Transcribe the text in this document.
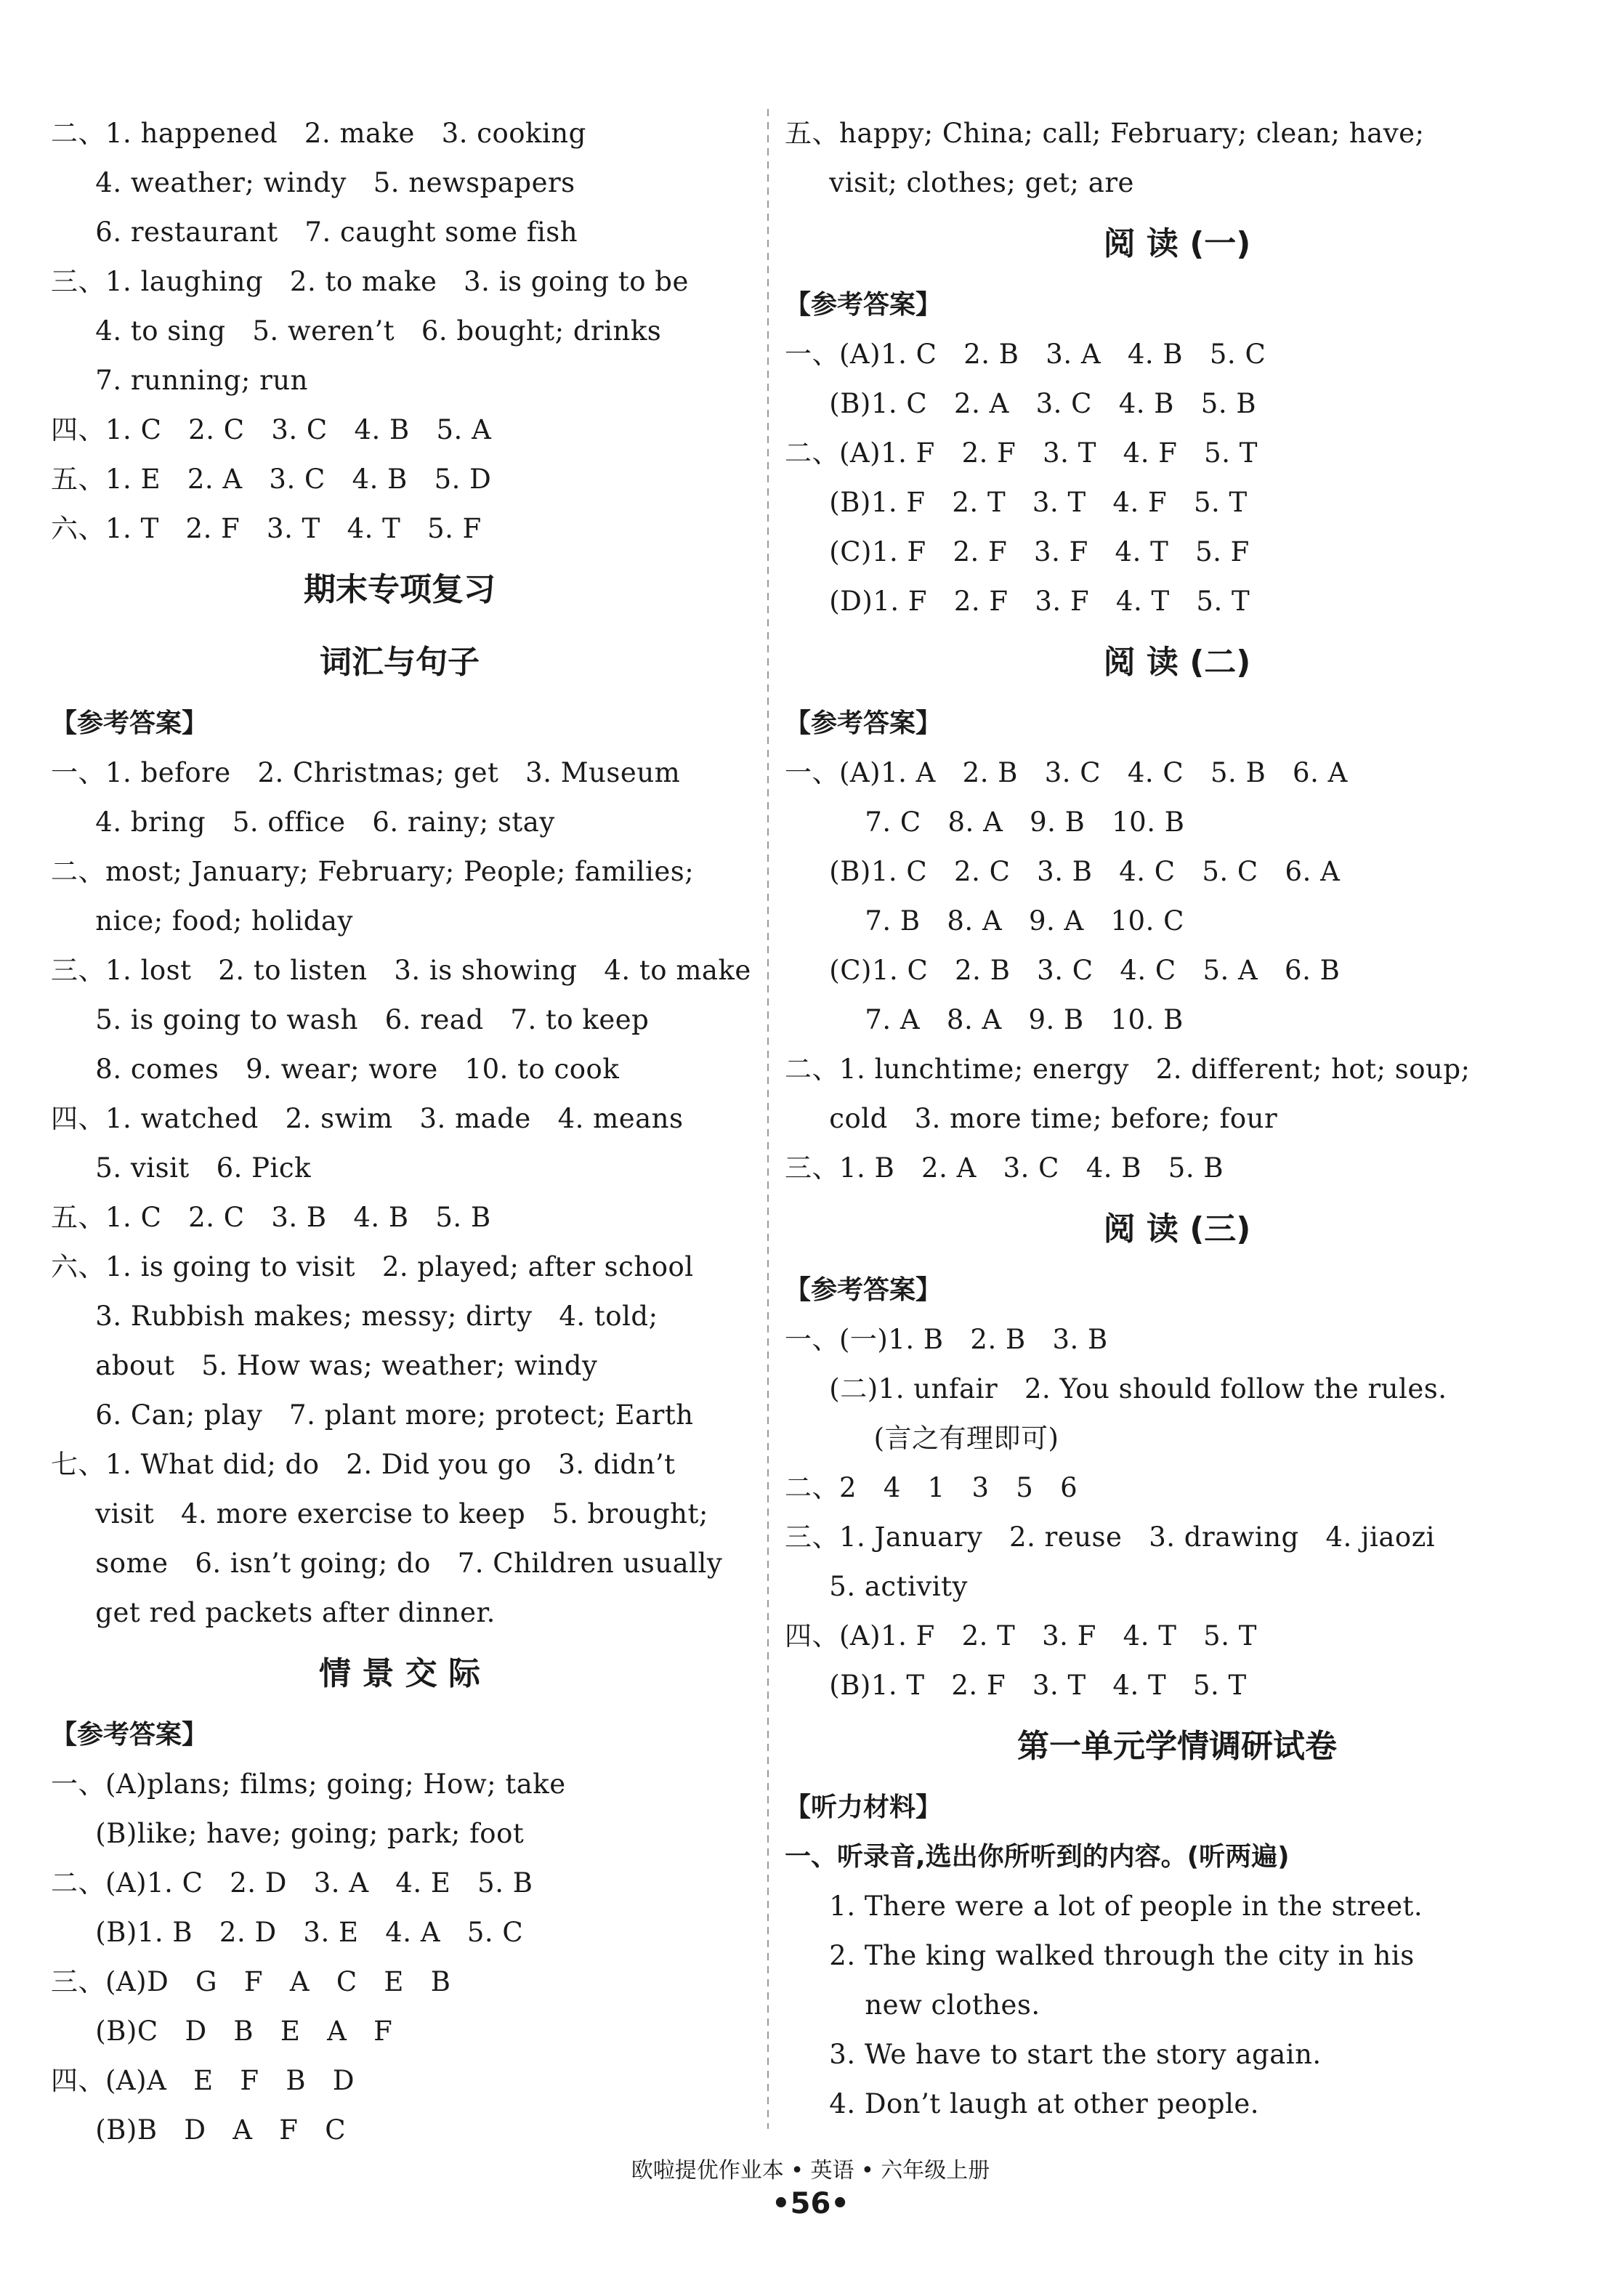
二、1. happened   2. make   3. cooking
4. weather; windy   5. newspapers
6. restaurant   7. caught some fish
三、1. laughing   2. to make   3. is going to be
4. to sing   5. weren’t   6. bought; drinks
7. running; run
四、1. C   2. C   3. C   4. B   5. A
五、1. E   2. A   3. C   4. B   5. D
六、1. T   2. F   3. T   4. T   5. F
期末专项复习
词汇与句子
【参考答案】
一、1. before   2. Christmas; get   3. Museum
4. bring   5. office   6. rainy; stay
二、most; January; February; People; families;
nice; food; holiday
三、1. lost   2. to listen   3. is showing   4. to make
5. is going to wash   6. read   7. to keep
8. comes   9. wear; wore   10. to cook
四、1. watched   2. swim   3. made   4. means
5. visit   6. Pick
五、1. C   2. C   3. B   4. B   5. B
六、1. is going to visit   2. played; after school
3. Rubbish makes; messy; dirty   4. told;
about   5. How was; weather; windy
6. Can; play   7. plant more; protect; Earth
七、1. What did; do   2. Did you go   3. didn’t
visit   4. more exercise to keep   5. brought;
some   6. isn’t going; do   7. Children usually
get red packets after dinner.
情 景 交 际
【参考答案】
一、(A)plans; films; going; How; take
(B)like; have; going; park; foot
二、(A)1. C   2. D   3. A   4. E   5. B
(B)1. B   2. D   3. E   4. A   5. C
三、(A)D   G   F   A   C   E   B
(B)C   D   B   E   A   F
四、(A)A   E   F   B   D
(B)B   D   A   F   C
五、happy; China; call; February; clean; have;
visit; clothes; get; are
阅 读 (一)
【参考答案】
一、(A)1. C   2. B   3. A   4. B   5. C
(B)1. C   2. A   3. C   4. B   5. B
二、(A)1. F   2. F   3. T   4. F   5. T
(B)1. F   2. T   3. T   4. F   5. T
(C)1. F   2. F   3. F   4. T   5. F
(D)1. F   2. F   3. F   4. T   5. T
阅 读 (二)
【参考答案】
一、(A)1. A   2. B   3. C   4. C   5. B   6. A
7. C   8. A   9. B   10. B
(B)1. C   2. C   3. B   4. C   5. C   6. A
7. B   8. A   9. A   10. C
(C)1. C   2. B   3. C   4. C   5. A   6. B
7. A   8. A   9. B   10. B
二、1. lunchtime; energy   2. different; hot; soup;
cold   3. more time; before; four
三、1. B   2. A   3. C   4. B   5. B
阅 读 (三)
【参考答案】
一、(一)1. B   2. B   3. B
(二)1. unfair   2. You should follow the rules.
(言之有理即可)
二、2   4   1   3   5   6
三、1. January   2. reuse   3. drawing   4. jiaozi
5. activity
四、(A)1. F   2. T   3. F   4. T   5. T
(B)1. T   2. F   3. T   4. T   5. T
第一单元学情调研试卷
【听力材料】
一、听录音,选出你所听到的内容。(听两遍)
1. There were a lot of people in the street.
2. The king walked through the city in his
new clothes.
3. We have to start the story again.
4. Don’t laugh at other people.
欧啦提优作业本 • 英语 • 六年级上册
•56•
